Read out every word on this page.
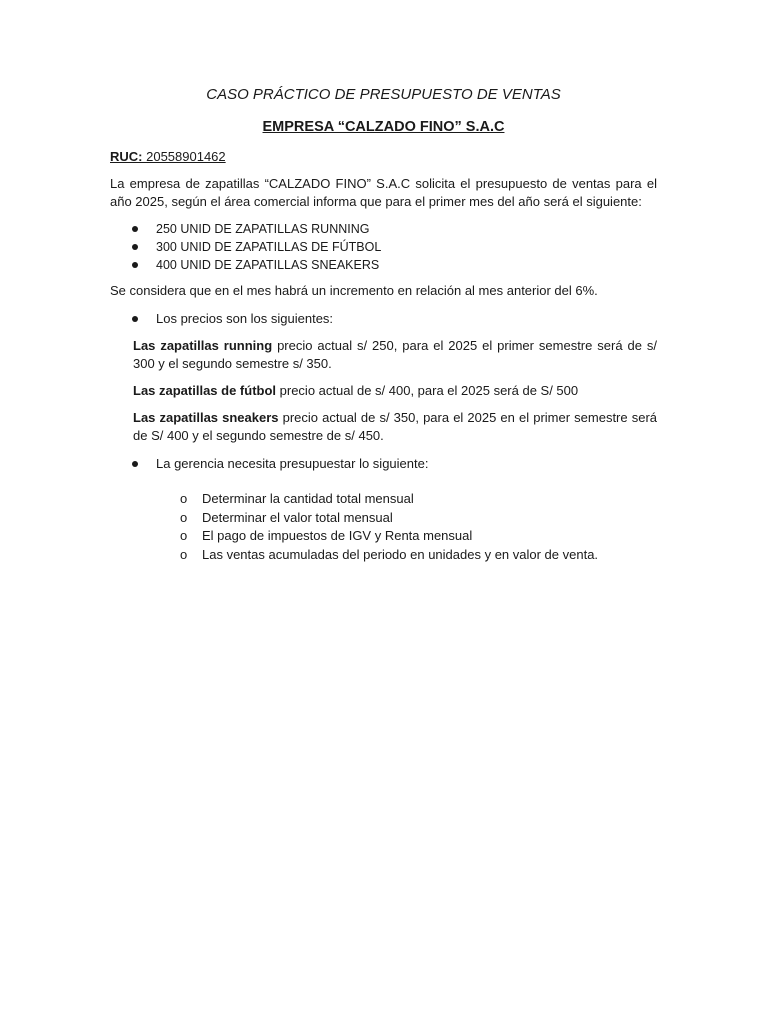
CASO PRÁCTICO DE PRESUPUESTO DE VENTAS
EMPRESA “CALZADO FINO” S.A.C
RUC: 20558901462
La empresa de zapatillas “CALZADO FINO” S.A.C solicita el presupuesto de ventas para el año 2025, según el área comercial informa que para el primer mes del año será el siguiente:
250 UNID DE ZAPATILLAS RUNNING
300 UNID DE ZAPATILLAS DE FÚTBOL
400 UNID DE ZAPATILLAS SNEAKERS
Se considera que en el mes habrá un incremento en relación al mes anterior del 6%.
Los precios son los siguientes:
Las zapatillas running precio actual s/ 250, para el 2025 el primer semestre será de s/ 300 y el segundo semestre s/ 350.
Las zapatillas de fútbol precio actual de s/ 400, para el 2025 será de S/ 500
Las zapatillas sneakers precio actual de s/ 350, para el 2025 en el primer semestre será de S/ 400 y el segundo semestre de s/ 450.
La gerencia necesita presupuestar lo siguiente:
o Determinar la cantidad total mensual
o Determinar el valor total mensual
o El pago de impuestos de IGV y Renta mensual
o Las ventas acumuladas del periodo en unidades y en valor de venta.
